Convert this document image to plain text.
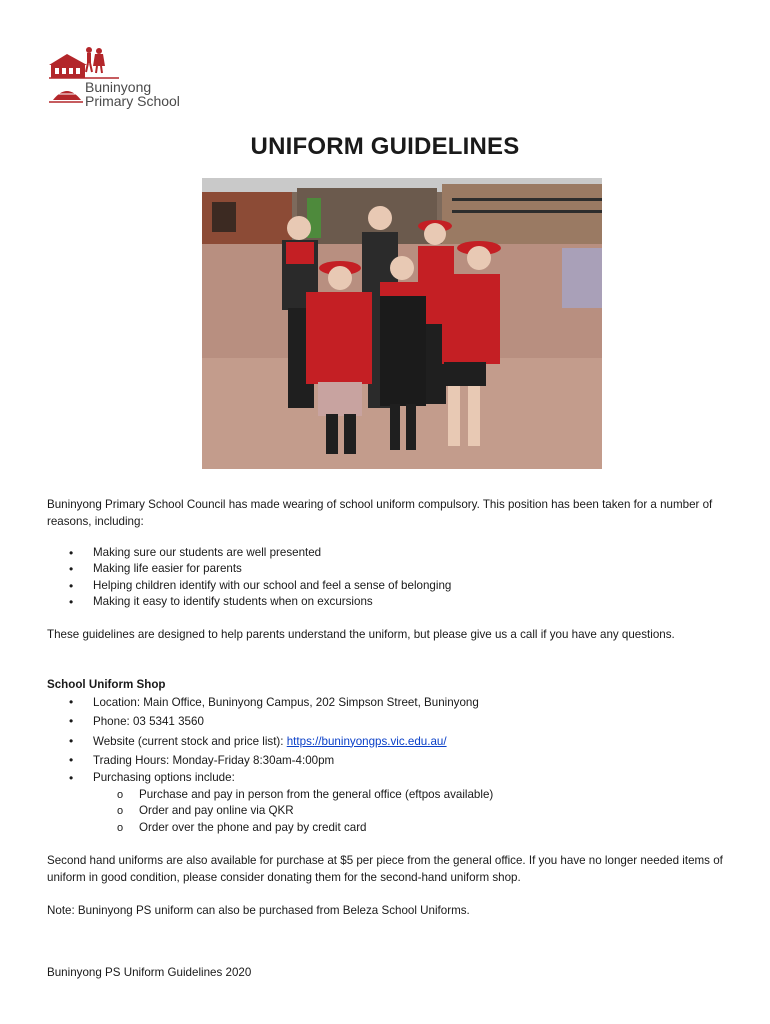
Buninyong
Primary School
UNIFORM GUIDELINES
Buninyong Primary School Council has made wearing of school uniform compulsory. This position has been taken for a number of reasons, including:
• Making sure our students are well presented
• Making life easier for parents
• Helping children identify with our school and feel a sense of belonging
• Making it easy to identify students when on excursions
These guidelines are designed to help parents understand the uniform, but please give us a call if you have any questions.
School Uniform Shop
• Location: Main Office, Buninyong Campus, 202 Simpson Street, Buninyong
• Phone: 03 5341 3560
• Website (current stock and price list): https://buninyongps.vic.edu.au/
• Trading Hours: Monday-Friday 8:30am-4:00pm
• Purchasing options include:
o Purchase and pay in person from the general office (eftpos available)
o Order and pay online via QKR
o Order over the phone and pay by credit card
Second hand uniforms are also available for purchase at $5 per piece from the general office. If you have no longer needed items of uniform in good condition, please consider donating them for the second-hand uniform shop.
Note: Buninyong PS uniform can also be purchased from Beleza School Uniforms.
Buninyong PS Uniform Guidelines 2020
